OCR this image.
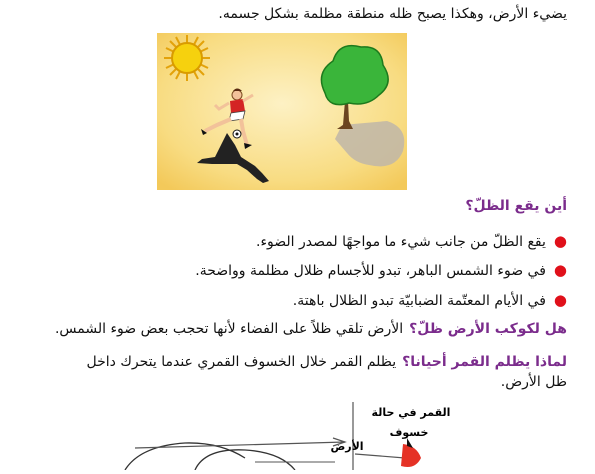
يضيء الأرض، وهكذا يصبح ظله منطقة مظلمة بشكل جسمه.
أين يقع الظلّ؟
●يقع الظلّ من جانب شيء ما مواجهًا لمصدر الضوء.
●في ضوء الشمس الباهر، تبدو للأجسام ظلال مظلمة وواضحة.
●في الأيام المعتّمة الضبابيّة تبدو الظلال باهتة.
هل لكوكب الأرض ظلّ؟الأرض تلقي ظلاً على الفضاء لأنها تحجب بعض ضوء الشمس.
لماذا يظلم القمر أحيانا؟يظلم القمر خلال الخسوف القمري عندما يتحرك داخل
ظل الأرض.
القمر في حالة
خسوف
الأرض
